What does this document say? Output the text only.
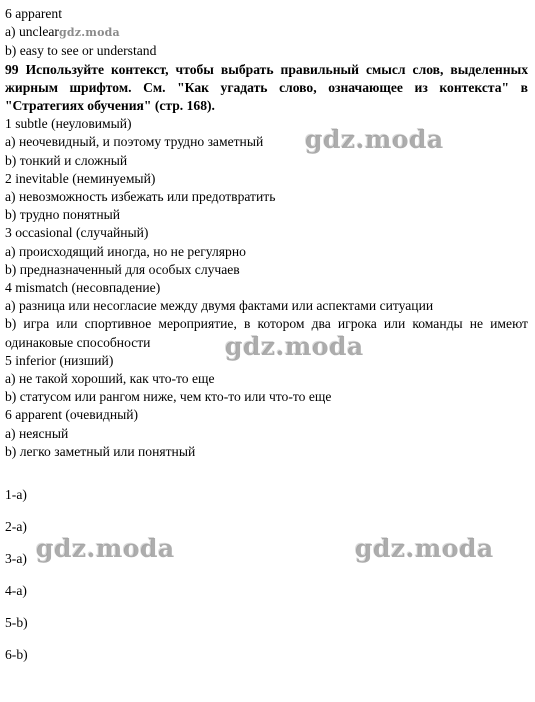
6 apparent
a) uncleargdz.moda
b) easy to see or understand
99 Используйте контекст, чтобы выбрать правильный смысл слов, выделенных жирным шрифтом. См. "Как угадать слово, означающее из контекста" в "Стратегиях обучения" (стр. 168).
1 subtle (неуловимый)
a) неочевидный, и поэтому трудно заметный
b) тонкий и сложный
2 inevitable (неминуемый)
a) невозможность избежать или предотвратить
b) трудно понятный
3 occasional (случайный)
a) происходящий иногда, но не регулярно
b) предназначенный для особых случаев
4 mismatch (несовпадение)
a) разница или несогласие между двумя фактами или аспектами ситуации
b) игра или спортивное мероприятие, в котором два игрока или команды не имеют одинаковые способности
5 inferior (низший)
a) не такой хороший, как что-то еще
b) статусом или рангом ниже, чем кто-то или что-то еще
6 apparent (очевидный)
a) неясный
b) легко заметный или понятный
1-a)
2-a)
3-a)
4-a)
5-b)
6-b)
gdz.moda
gdz.moda
gdz.moda	gdz.moda
